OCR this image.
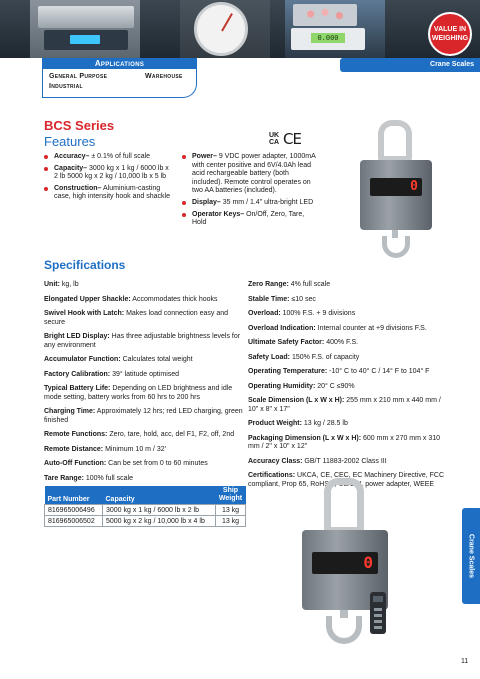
0.000
VALUE IN
WEIGHING
Applications
General Purpose
Industrial
Warehouse
Crane Scales
BCS Series
Features	UK
CA CE
Accuracy– ± 0.1% of full scale
Capacity– 3000 kg x 1 kg / 6000 lb x 2 lb 5000 kg x 2 kg / 10,000 lb x 5 lb
Construction– Aluminium-casting case, high intensity hook and shackle
Power– 9 VDC power adapter, 1000mA with center positive and 6V/4.0Ah lead acid rechargeable battery (both included). Remote control operates on two AA batteries (included).
Display– 35 mm / 1.4" ultra-bright LED
Operator Keys– On/Off, Zero, Tare, Hold
0
Specifications
Unit: kg, lb
Elongated Upper Shackle: Accommodates thick hooks
Swivel Hook with Latch: Makes load connection easy and secure
Bright LED Display: Has three adjustable brightness levels for any environment
Accumulator Function: Calculates total weight
Factory Calibration: 39° latitude optimised
Typical Battery Life: Depending on LED brightness and idle mode setting, battery works from 60 hrs to 200 hrs
Charging Time: Approximately 12 hrs; red LED charging, green finished
Remote Functions: Zero, tare, hold, acc, del F1, F2, off, 2nd
Remote Distance: Minimum 10 m / 32'
Auto-Off Function: Can be set from 0 to 60 minutes
Tare Range: 100% full scale
Zero Range: 4% full scale
Stable Time: ≤10 sec
Overload: 100% F.S. + 9 divisions
Overload Indication: Internal counter at +9 divisions F.S.
Ultimate Safety Factor: 400% F.S.
Safety Load: 150% F.S. of capacity
Operating Temperature: -10° C to 40° C / 14° F to 104° F
Operating Humidity: 20° C ≤90%
Scale Dimension (L x W x H): 255 mm x 210 mm x 440 mm / 10" x 8" x 17"
Product Weight: 13 kg / 28.5 lb
Packaging Dimension (L x W x H): 600 mm x 270 mm x 310 mm / 2" x 10" x 12"
Accuracy Class: GB/T 11883-2002 Class III
Certifications: UKCA, CE, CEC, EC Machinery Directive, FCC compliant, Prop 65, RoHS 3, UL/CUL power adapter, WEEE
Part Number	Capacity	Ship
Weight
816965006496	3000 kg x 1 kg / 6000 lb x 2 lb	13 kg
816965006502	5000 kg x 2 kg / 10,000 lb x 4 lb	13 kg
0	Crane Scales
11
